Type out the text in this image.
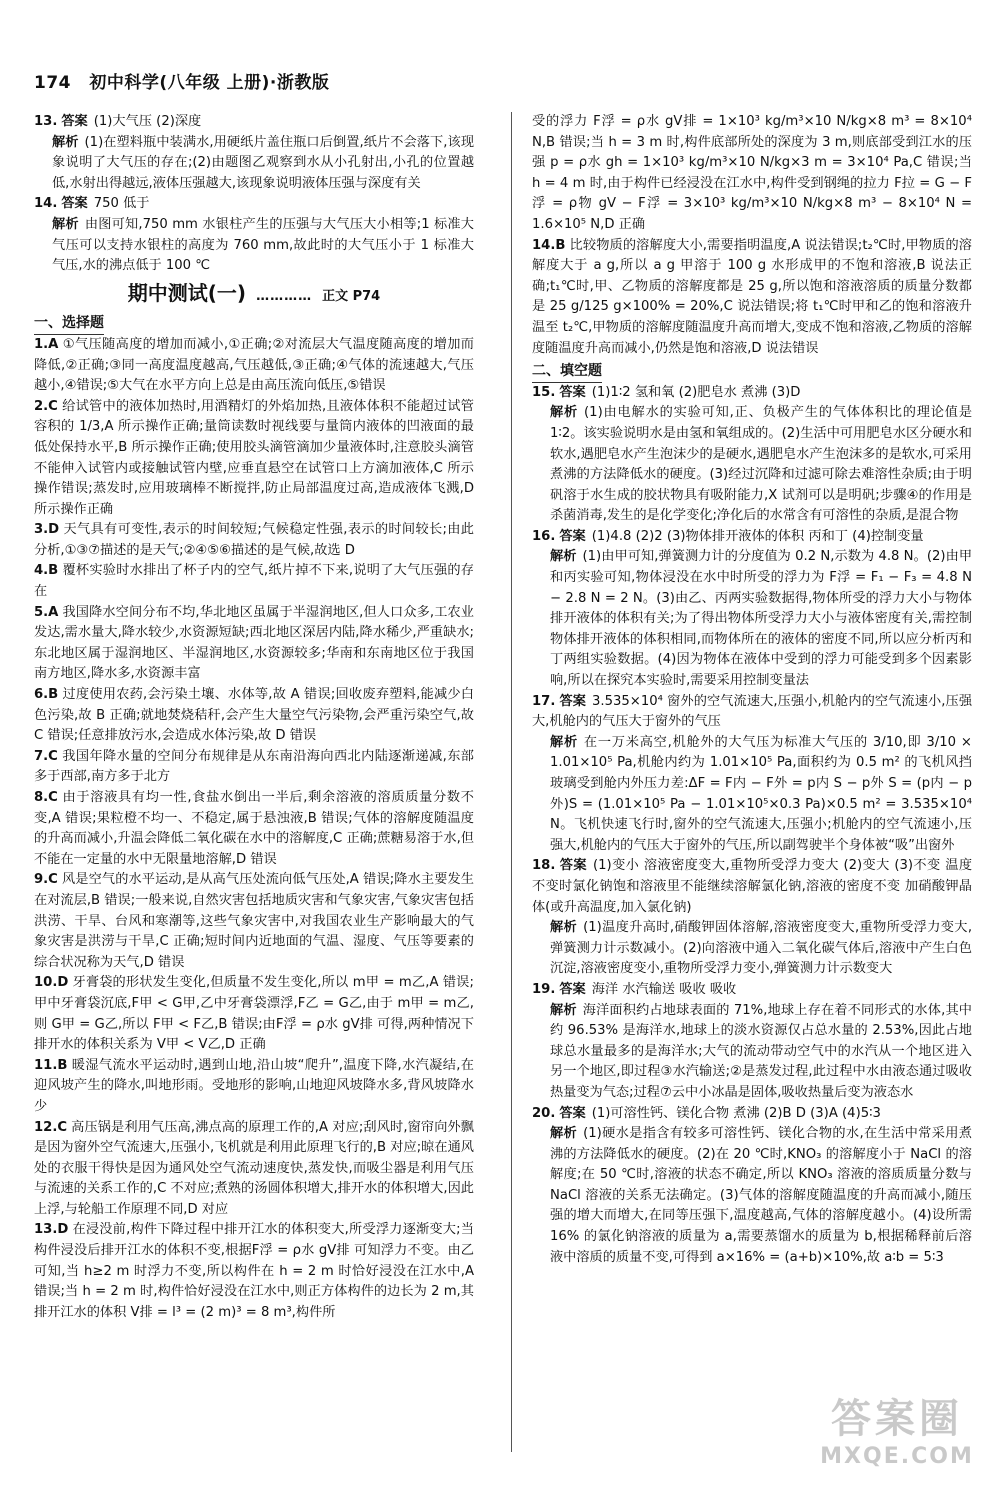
174 初中科学(八年级 上册)·浙教版

13. 答案 (1)大气压 (2)深度

解析 (1)在塑料瓶中装满水,用硬纸片盖住瓶口后倒置,纸片不会落下,该现象说明了大气压的存在;(2)由题图乙观察到水从小孔射出,小孔的位置越低,水射出得越远,液体压强越大,该现象说明液体压强与深度有关

14. 答案 750 低于

解析 由图可知,750 mm 水银柱产生的压强与大气压大小相等;1 标准大气压可以支持水银柱的高度为 760 mm,故此时的大气压小于 1 标准大气压,水的沸点低于 100 ℃

期中测试(一) ………… 正文 P74
一、选择题

1.A ①气压随高度的增加而减小,①正确;②对流层大气温度随高度的增加而降低,②正确;③同一高度温度越高,气压越低,③正确;④气体的流速越大,气压越小,④错误;⑤大气在水平方向上总是由高压流向低压,⑤错误

2.C 给试管中的液体加热时,用酒精灯的外焰加热,且液体体积不能超过试管容积的 1/3,A 所示操作正确;量筒读数时视线要与量筒内液体的凹液面的最低处保持水平,B 所示操作正确;使用胶头滴管滴加少量液体时,注意胶头滴管不能伸入试管内或接触试管内壁,应垂直悬空在试管口上方滴加液体,C 所示操作错误;蒸发时,应用玻璃棒不断搅拌,防止局部温度过高,造成液体飞溅,D 所示操作正确

3.D 天气具有可变性,表示的时间较短;气候稳定性强,表示的时间较长;由此分析,①③⑦描述的是天气;②④⑤⑥描述的是气候,故选 D

4.B 覆杯实验时水排出了杯子内的空气,纸片掉不下来,说明了大气压强的存在

5.A 我国降水空间分布不均,华北地区虽属于半湿润地区,但人口众多,工农业发达,需水量大,降水较少,水资源短缺;西北地区深居内陆,降水稀少,严重缺水;东北地区属于湿润地区、半湿润地区,水资源较多;华南和东南地区位于我国南方地区,降水多,水资源丰富

6.B 过度使用农药,会污染土壤、水体等,故 A 错误;回收废弃塑料,能减少白色污染,故 B 正确;就地焚烧秸秆,会产生大量空气污染物,会严重污染空气,故 C 错误;任意排放污水,会造成水体污染,故 D 错误

7.C 我国年降水量的空间分布规律是从东南沿海向西北内陆逐渐递减,东部多于西部,南方多于北方

8.C 由于溶液具有均一性,食盐水倒出一半后,剩余溶液的溶质质量分数不变,A 错误;果粒橙不均一、不稳定,属于悬浊液,B 错误;气体的溶解度随温度的升高而减小,升温会降低二氧化碳在水中的溶解度,C 正确;蔗糖易溶于水,但不能在一定量的水中无限量地溶解,D 错误

9.C 风是空气的水平运动,是从高气压处流向低气压处,A 错误;降水主要发生在对流层,B 错误;一般来说,自然灾害包括地质灾害和气象灾害,气象灾害包括洪涝、干旱、台风和寒潮等,这些气象灾害中,对我国农业生产影响最大的气象灾害是洪涝与干旱,C 正确;短时间内近地面的气温、湿度、气压等要素的综合状况称为天气,D 错误

10.D 牙膏袋的形状发生变化,但质量不发生变化,所以 m甲 = m乙,A 错误;甲中牙膏袋沉底,F甲 < G甲,乙中牙膏袋漂浮,F乙 = G乙,由于 m甲 = m乙,则 G甲 = G乙,所以 F甲 < F乙,B 错误;由F浮 = ρ水 gV排 可得,两种情况下排开水的体积关系为 V甲 < V乙,D 正确

11.B 暖湿气流水平运动时,遇到山地,沿山坡“爬升”,温度下降,水汽凝结,在迎风坡产生的降水,叫地形雨。受地形的影响,山地迎风坡降水多,背风坡降水少

12.C 高压锅是利用气压高,沸点高的原理工作的,A 对应;刮风时,窗帘向外飘是因为窗外空气流速大,压强小,飞机就是利用此原理飞行的,B 对应;晾在通风处的衣服干得快是因为通风处空气流动速度快,蒸发快,而吸尘器是利用气压与流速的关系工作的,C 不对应;煮熟的汤圆体积增大,排开水的体积增大,因此上浮,与轮船工作原理不同,D 对应

13.D 在浸没前,构件下降过程中排开江水的体积变大,所受浮力逐渐变大;当构件浸没后排开江水的体积不变,根据F浮 = ρ水 gV排 可知浮力不变。由乙可知,当 h≥2 m 时浮力不变,所以构件在 h = 2 m 时恰好浸没在江水中,A 错误;当 h = 2 m 时,构件恰好浸没在江水中,则正方体构件的边长为 2 m,其排开江水的体积 V排 = l³ = (2 m)³ = 8 m³,构件所

受的浮力 F浮 = ρ水 gV排 = 1×10³ kg/m³×10 N/kg×8 m³ = 8×10⁴ N,B 错误;当 h = 3 m 时,构件底部所处的深度为 3 m,则底部受到江水的压强 p = ρ水 gh = 1×10³ kg/m³×10 N/kg×3 m = 3×10⁴ Pa,C 错误;当 h = 4 m 时,由于构件已经浸没在江水中,构件受到钢绳的拉力 F拉 = G − F浮 = ρ物 gV − F浮 = 3×10³ kg/m³×10 N/kg×8 m³ − 8×10⁴ N = 1.6×10⁵ N,D 正确

14.B 比较物质的溶解度大小,需要指明温度,A 说法错误;t₂℃时,甲物质的溶解度大于 a g,所以 a g 甲溶于 100 g 水形成甲的不饱和溶液,B 说法正确;t₁℃时,甲、乙物质的溶解度都是 25 g,所以饱和溶液溶质的质量分数都是 25 g/125 g×100% = 20%,C 说法错误;将 t₁℃时甲和乙的饱和溶液升温至 t₂℃,甲物质的溶解度随温度升高而增大,变成不饱和溶液,乙物质的溶解度随温度升高而减小,仍然是饱和溶液,D 说法错误

二、填空题

15. 答案 (1)1∶2 氢和氧 (2)肥皂水 煮沸 (3)D

解析 (1)由电解水的实验可知,正、负极产生的气体体积比的理论值是 1∶2。该实验说明水是由氢和氧组成的。(2)生活中可用肥皂水区分硬水和软水,遇肥皂水产生泡沫少的是硬水,遇肥皂水产生泡沫多的是软水,可采用煮沸的方法降低水的硬度。(3)经过沉降和过滤可除去难溶性杂质;由于明矾溶于水生成的胶状物具有吸附能力,X 试剂可以是明矾;步骤④的作用是杀菌消毒,发生的是化学变化;净化后的水常含有可溶性的杂质,是混合物

16. 答案 (1)4.8 (2)2 (3)物体排开液体的体积 丙和丁 (4)控制变量

解析 (1)由甲可知,弹簧测力计的分度值为 0.2 N,示数为 4.8 N。(2)由甲和丙实验可知,物体浸没在水中时所受的浮力为 F浮 = F₁ − F₃ = 4.8 N − 2.8 N = 2 N。(3)由乙、丙两实验数据得,物体所受的浮力大小与物体排开液体的体积有关;为了得出物体所受浮力大小与液体密度有关,需控制物体排开液体的体积相同,而物体所在的液体的密度不同,所以应分析丙和丁两组实验数据。(4)因为物体在液体中受到的浮力可能受到多个因素影响,所以在探究本实验时,需要采用控制变量法

17. 答案 3.535×10⁴ 窗外的空气流速大,压强小,机舱内的空气流速小,压强大,机舱内的气压大于窗外的气压

解析 在一万米高空,机舱外的大气压为标准大气压的 3/10,即 3/10 × 1.01×10⁵ Pa,机舱内约为 1.01×10⁵ Pa,面积约为 0.5 m² 的飞机风挡玻璃受到舱内外压力差:ΔF = F内 − F外 = p内 S − p外 S = (p内 − p外)S = (1.01×10⁵ Pa − 1.01×10⁵×0.3 Pa)×0.5 m² = 3.535×10⁴ N。飞机快速飞行时,窗外的空气流速大,压强小;机舱内的空气流速小,压强大,机舱内的气压大于窗外的气压,所以副驾驶半个身体被“吸”出窗外

18. 答案 (1)变小 溶液密度变大,重物所受浮力变大 (2)变大 (3)不变 温度不变时氯化钠饱和溶液里不能继续溶解氯化钠,溶液的密度不变 加硝酸钾晶体(或升高温度,加入氯化钠)

解析 (1)温度升高时,硝酸钾固体溶解,溶液密度变大,重物所受浮力变大,弹簧测力计示数减小。(2)向溶液中通入二氧化碳气体后,溶液中产生白色沉淀,溶液密度变小,重物所受浮力变小,弹簧测力计示数变大

19. 答案 海洋 水汽输送 吸收 吸收

解析 海洋面积约占地球表面的 71%,地球上存在着不同形式的水体,其中约 96.53% 是海洋水,地球上的淡水资源仅占总水量的 2.53%,因此占地球总水量最多的是海洋水;大气的流动带动空气中的水汽从一个地区进入另一个地区,即过程③水汽输送;②是蒸发过程,此过程中水由液态通过吸收热量变为气态;过程⑦云中小冰晶是固体,吸收热量后变为液态水

20. 答案 (1)可溶性钙、镁化合物 煮沸 (2)B D (3)A (4)5∶3

解析 (1)硬水是指含有较多可溶性钙、镁化合物的水,在生活中常采用煮沸的方法降低水的硬度。(2)在 20 ℃时,KNO₃ 的溶解度小于 NaCl 的溶解度;在 50 ℃时,溶液的状态不确定,所以 KNO₃ 溶液的溶质质量分数与 NaCl 溶液的关系无法确定。(3)气体的溶解度随温度的升高而减小,随压强的增大而增大,在同等压强下,温度越高,气体的溶解度越小。(4)设所需 16% 的氯化钠溶液的质量为 a,需要蒸馏水的质量为 b,根据稀释前后溶液中溶质的质量不变,可得到 a×16% = (a+b)×10%,故 a∶b = 5∶3

答案圈
MXQE.COM
